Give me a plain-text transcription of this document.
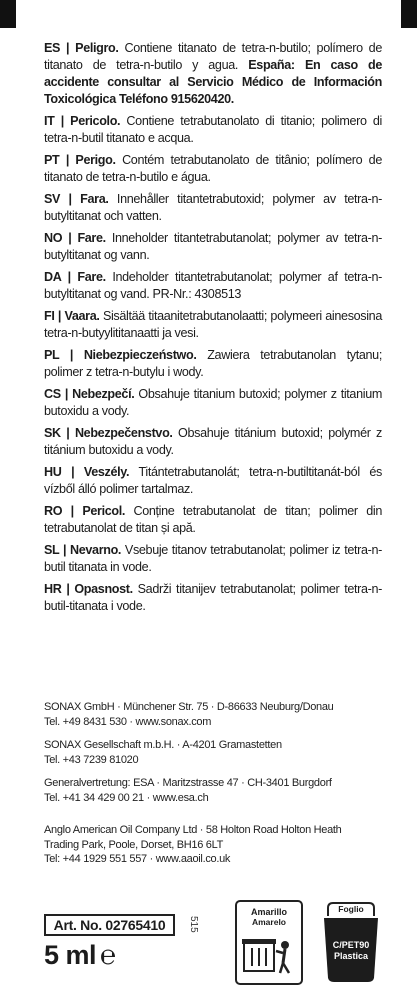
ES | Peligro. Contiene titanato de tetra-n-butilo; polímero de titanato de tetra-n-butilo y agua. España: En caso de accidente consultar al Servicio Médico de Información Toxicológica Teléfono 915620420.

IT | Pericolo. Contiene tetrabutanolato di titanio; polimero di tetra-n-butil titanato e acqua.

PT | Perigo. Contém tetrabutanolato de titânio; polímero de titanato de tetra-n-butilo e água.

SV | Fara. Innehåller titantetrabutoxid; polymer av tetra-n-butyltitanat och vatten.

NO | Fare. Inneholder titantetrabutanolat; polymer av tetra-n-butyltitanat og vann.

DA | Fare. Indeholder titantetrabutanolat; polymer af tetra-n-butyltitanat og vand. PR-Nr.: 4308513

FI | Vaara. Sisältää titaanitetrabutanolaatti; polymeeri ainesosina tetra-n-butyylititanaatti ja vesi.

PL | Niebezpieczeństwo. Zawiera tetrabutanolan tytanu; polimer z tetra-n-butylu i wody.

CS | Nebezpečí. Obsahuje titanium butoxid; polymer z titanium butoxidu a vody.

SK | Nebezpečenstvo. Obsahuje titánium butoxid; polymér z titánium butoxidu a vody.

HU | Veszély. Titántetrabutanolát; tetra-n-butiltitanát-ból és vízből álló polimer tartalmaz.

RO | Pericol. Conține tetrabutanolat de titan; polimer din tetrabutanolat de titan și apă.

SL | Nevarno. Vsebuje titanov tetrabutanolat; polimer iz tetra-n-butil titanata in vode.

HR | Opasnost. Sadrži titanijev tetrabutanolat; polimer tetra-n-butil-titanata i vode.

SONAX GmbH · Münchener Str. 75 · D-86633 Neuburg/Donau
Tel. +49 8431 530 · www.sonax.com
SONAX Gesellschaft m.b.H. · A-4201 Gramastetten
Tel. +43 7239 81020
Generalvertretung: ESA · Maritzstrasse 47 · CH-3401 Burgdorf
Tel. +41 34 429 00 21 · www.esa.ch
Anglo American Oil Company Ltd · 58 Holton Road Holton Heath
Trading Park, Poole, Dorset, BH16 6LT
Tel: +44 1929 551 557 · www.aaoil.co.uk
Art. No. 02765410	515
5 ml ℮
Amarillo
Amarelo
Foglio
C/PET90
Plastica
